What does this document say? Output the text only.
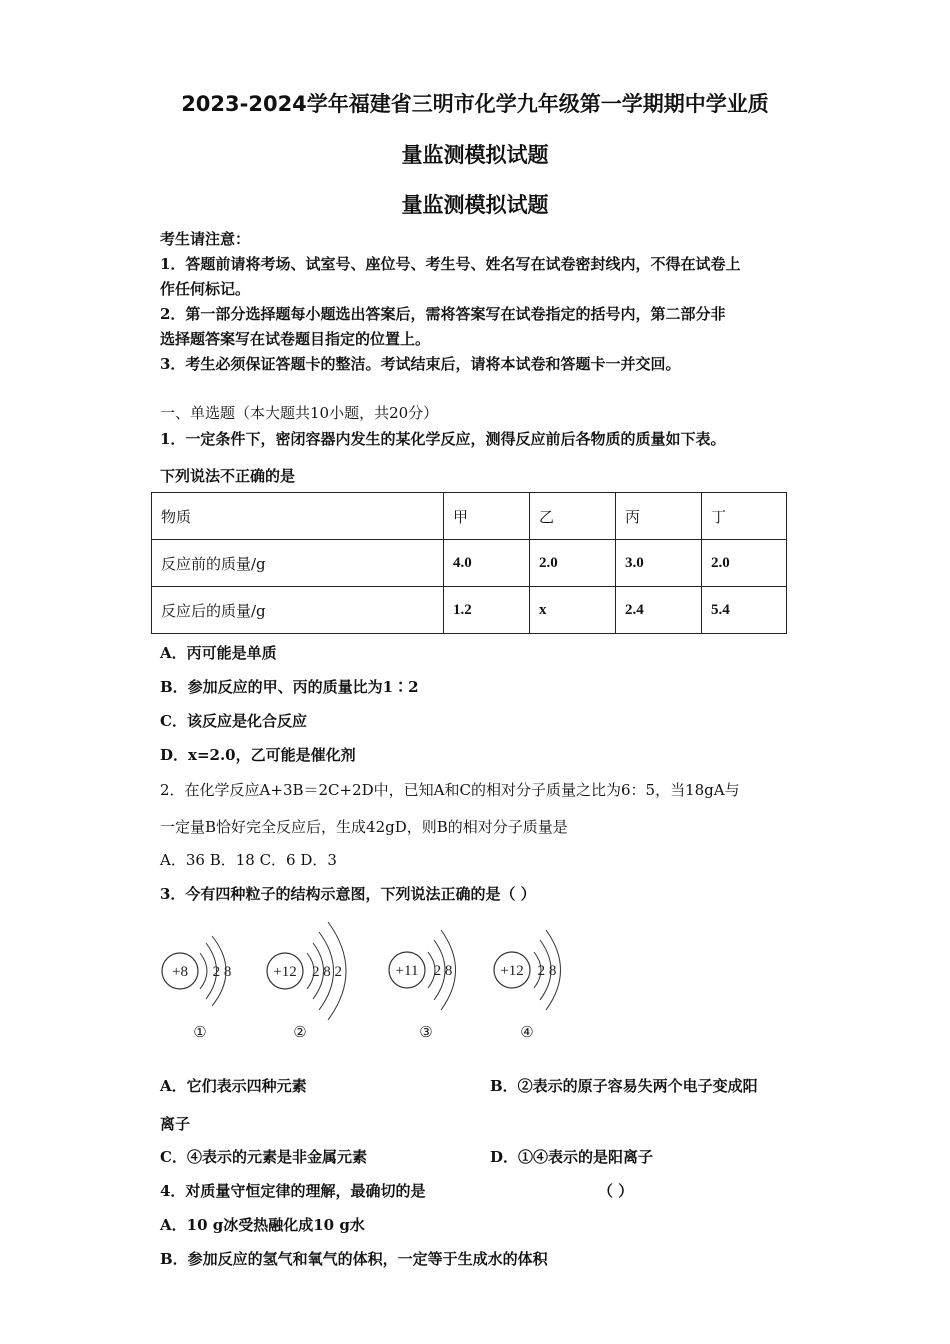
2023-2024学年福建省三明市化学九年级第一学期期中学业质
量监测模拟试题
量监测模拟试题
考生请注意：
1．答题前请将考场、试室号、座位号、考生号、姓名写在试卷密封线内，不得在试卷上
作任何标记。
2．第一部分选择题每小题选出答案后，需将答案写在试卷指定的括号内，第二部分非
选择题答案写在试卷题目指定的位置上。
3．考生必须保证答题卡的整洁。考试结束后，请将本试卷和答题卡一并交回。
一、单选题（本大题共10小题，共20分）
1．一定条件下，密闭容器内发生的某化学反应，测得反应前后各物质的质量如下表。
下列说法不正确的是
物质	甲	乙	丙	丁
反应前的质量/g	4.0	2.0	3.0	2.0
反应后的质量/g	1.2	x	2.4	5.4
A．丙可能是单质
B．参加反应的甲、丙的质量比为1∶2
C．该反应是化合反应
D．x=2.0，乙可能是催化剂
2．在化学反应A+3B＝2C+2D中，已知A和C的相对分子质量之比为6：5，当18gA与
一定量B恰好完全反应后，生成42gD，则B的相对分子质量是
A．36 B．18 C．6 D．3
3．今有四种粒子的结构示意图，下列说法正确的是（ ）
+8 2 8
①
+12 2 8 2
②
+11 2 8
③
+12 2 8
④
A．它们表示四种元素	B．②表示的原子容易失两个电子变成阳
离子
C．④表示的元素是非金属元素	D．①④表示的是阳离子
4．对质量守恒定律的理解，最确切的是	（ ）
A．10 g冰受热融化成10 g水
B．参加反应的氢气和氧气的体积，一定等于生成水的体积
